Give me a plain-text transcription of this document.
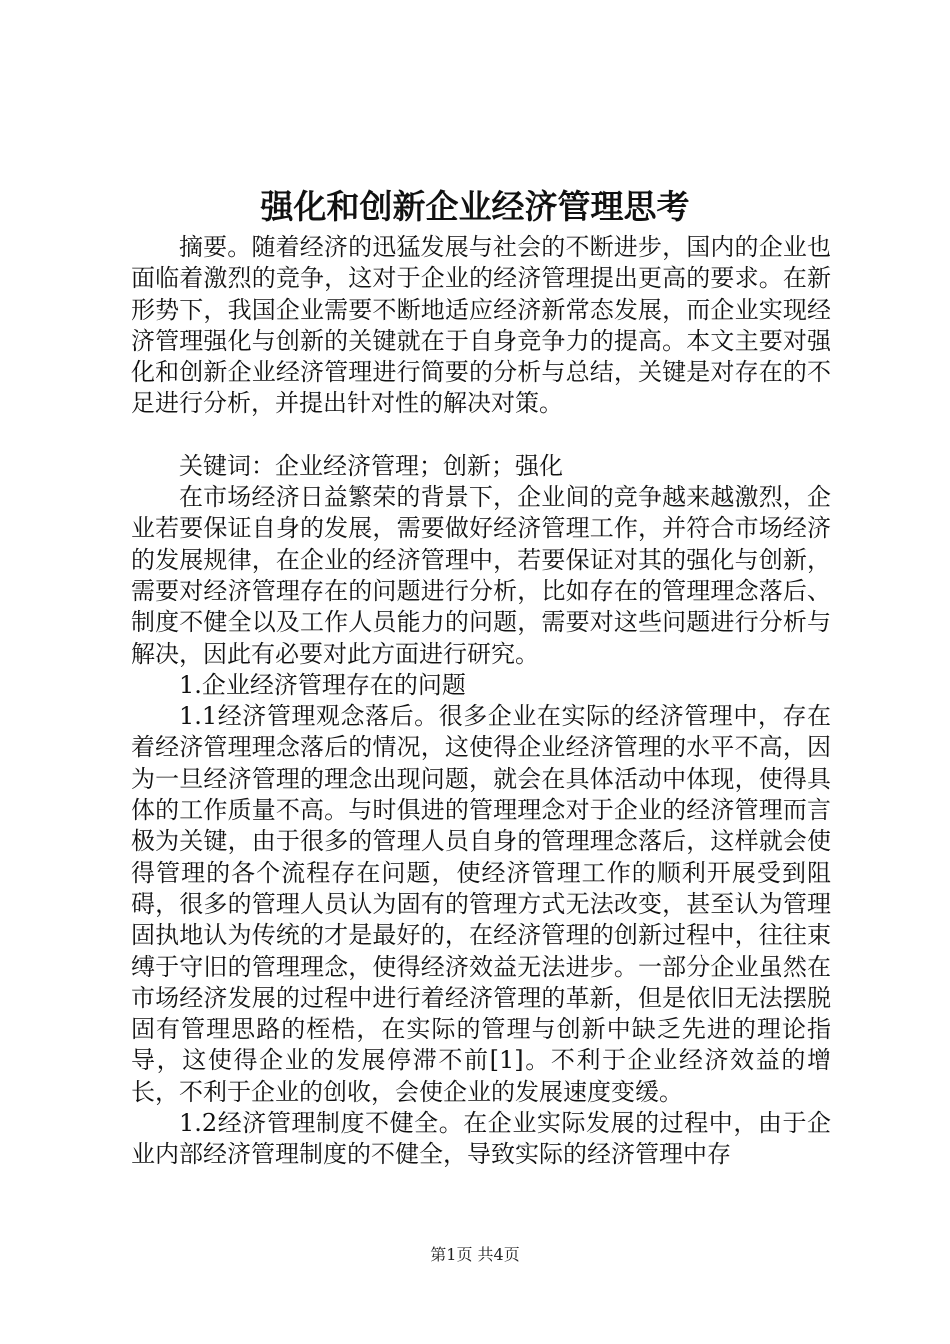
强化和创新企业经济管理思考

摘要。随着经济的迅猛发展与社会的不断进步，国内的企业也面临着激烈的竞争，这对于企业的经济管理提出更高的要求。在新形势下，我国企业需要不断地适应经济新常态发展，而企业实现经济管理强化与创新的关键就在于自身竞争力的提高。本文主要对强化和创新企业经济管理进行简要的分析与总结，关键是对存在的不足进行分析，并提出针对性的解决对策。

关键词：企业经济管理；创新；强化

在市场经济日益繁荣的背景下，企业间的竞争越来越激烈，企业若要保证自身的发展，需要做好经济管理工作，并符合市场经济的发展规律，在企业的经济管理中，若要保证对其的强化与创新，需要对经济管理存在的问题进行分析，比如存在的管理理念落后、制度不健全以及工作人员能力的问题，需要对这些问题进行分析与解决，因此有必要对此方面进行研究。

1.企业经济管理存在的问题

1.1经济管理观念落后。很多企业在实际的经济管理中，存在着经济管理理念落后的情况，这使得企业经济管理的水平不高，因为一旦经济管理的理念出现问题，就会在具体活动中体现，使得具体的工作质量不高。与时俱进的管理理念对于企业的经济管理而言极为关键，由于很多的管理人员自身的管理理念落后，这样就会使得管理的各个流程存在问题，使经济管理工作的顺利开展受到阻碍，很多的管理人员认为固有的管理方式无法改变，甚至认为管理固执地认为传统的才是最好的，在经济管理的创新过程中，往往束缚于守旧的管理理念，使得经济效益无法进步。一部分企业虽然在市场经济发展的过程中进行着经济管理的革新，但是依旧无法摆脱固有管理思路的桎梏，在实际的管理与创新中缺乏先进的理论指导，这使得企业的发展停滞不前[1]。不利于企业经济效益的增长，不利于企业的创收，会使企业的发展速度变缓。

1.2经济管理制度不健全。在企业实际发展的过程中，由于企业内部经济管理制度的不健全，导致实际的经济管理中存

第1页 共4页
